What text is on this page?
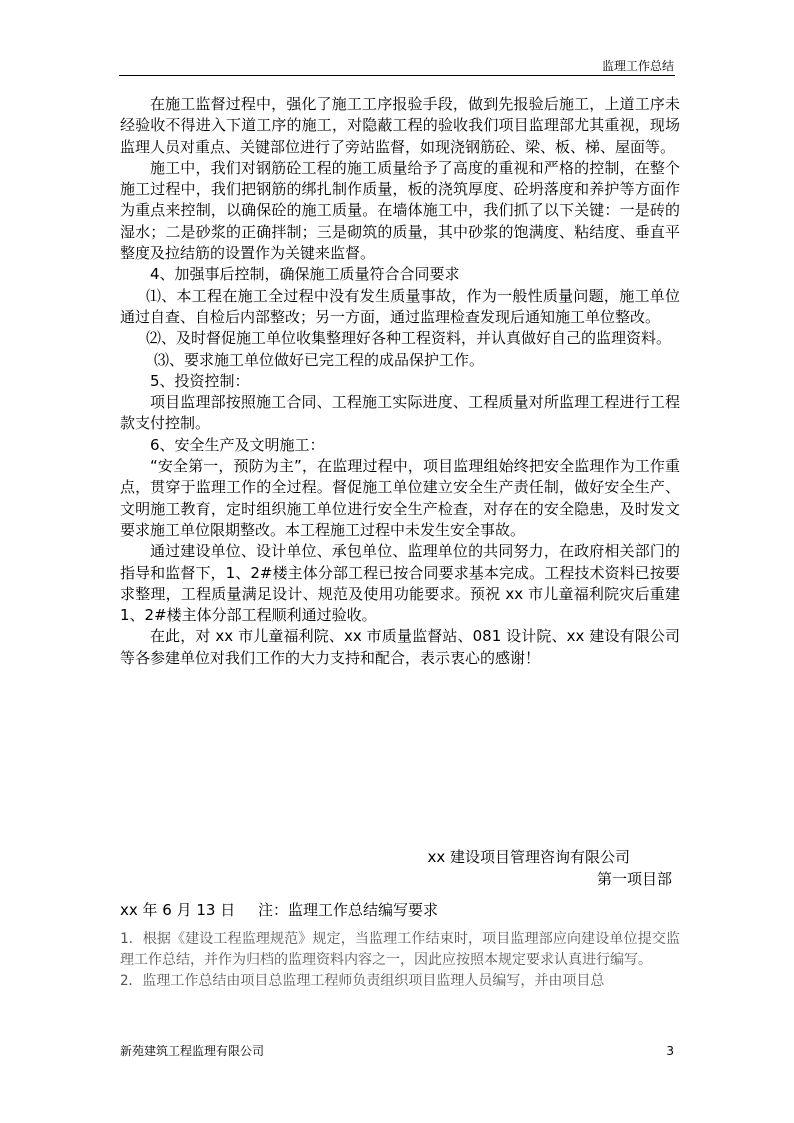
监理工作总结

在施工监督过程中，强化了施工工序报验手段，做到先报验后施工，上道工序未经验收不得进入下道工序的施工，对隐蔽工程的验收我们项目监理部尤其重视，现场监理人员对重点、关键部位进行了旁站监督，如现浇钢筋砼、梁、板、梯、屋面等。

施工中，我们对钢筋砼工程的施工质量给予了高度的重视和严格的控制，在整个施工过程中，我们把钢筋的绑扎制作质量，板的浇筑厚度、砼坍落度和养护等方面作为重点来控制，以确保砼的施工质量。在墙体施工中，我们抓了以下关键：一是砖的湿水；二是砂浆的正确拌制；三是砌筑的质量，其中砂浆的饱满度、粘结度、垂直平整度及拉结筋的设置作为关键来监督。

4、加强事后控制，确保施工质量符合合同要求

⑴、本工程在施工全过程中没有发生质量事故，作为一般性质量问题，施工单位通过自查、自检后内部整改；另一方面，通过监理检查发现后通知施工单位整改。

⑵、及时督促施工单位收集整理好各种工程资料，并认真做好自己的监理资料。

⑶、要求施工单位做好已完工程的成品保护工作。

5、投资控制：

项目监理部按照施工合同、工程施工实际进度、工程质量对所监理工程进行工程款支付控制。

6、安全生产及文明施工：

“安全第一，预防为主”，在监理过程中，项目监理组始终把安全监理作为工作重点，贯穿于监理工作的全过程。督促施工单位建立安全生产责任制，做好安全生产、文明施工教育，定时组织施工单位进行安全生产检查，对存在的安全隐患，及时发文要求施工单位限期整改。本工程施工过程中未发生安全事故。

通过建设单位、设计单位、承包单位、监理单位的共同努力，在政府相关部门的指导和监督下，1、2#楼主体分部工程已按合同要求基本完成。工程技术资料已按要求整理，工程质量满足设计、规范及使用功能要求。预祝 xx 市儿童福利院灾后重建 1、2#楼主体分部工程顺利通过验收。

在此，对 xx 市儿童福利院、xx 市质量监督站、081 设计院、xx 建设有限公司等各参建单位对我们工作的大力支持和配合，表示衷心的感谢！

xx 建设项目管理咨询有限公司
第一项目部
xx 年 6 月 13 日 注：监理工作总结编写要求

1．根据《建设工程监理规范》规定，当监理工作结束时，项目监理部应向建设单位提交监理工作总结，并作为归档的监理资料内容之一，因此应按照本规定要求认真进行编写。

2．监理工作总结由项目总监理工程师负责组织项目监理人员编写，并由项目总

新苑建筑工程监理有限公司	3
